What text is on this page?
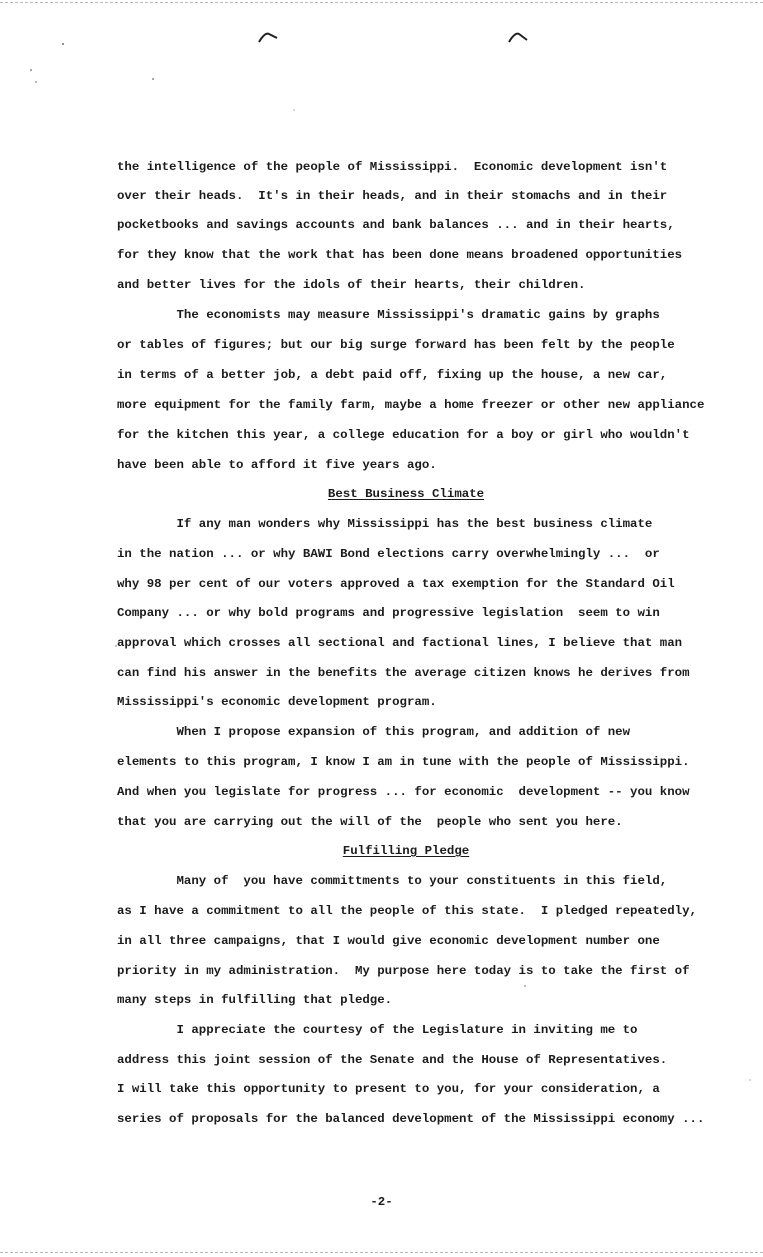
the intelligence of the people of Mississippi.  Economic development isn't
over their heads.  It's in their heads, and in their stomachs and in their
pocketbooks and savings accounts and bank balances ... and in their hearts,
for they know that the work that has been done means broadened opportunities
and better lives for the idols of their hearts, their children.
The economists may measure Mississippi's dramatic gains by graphs
or tables of figures; but our big surge forward has been felt by the people
in terms of a better job, a debt paid off, fixing up the house, a new car,
more equipment for the family farm, maybe a home freezer or other new appliance
for the kitchen this year, a college education for a boy or girl who wouldn't
have been able to afford it five years ago.
Best Business Climate
If any man wonders why Mississippi has the best business climate
in the nation ... or why BAWI Bond elections carry overwhelmingly ...  or
why 98 per cent of our voters approved a tax exemption for the Standard Oil
Company ... or why bold programs and progressive legislation  seem to win
approval which crosses all sectional and factional lines, I believe that man
can find his answer in the benefits the average citizen knows he derives from
Mississippi's economic development program.
When I propose expansion of this program, and addition of new
elements to this program, I know I am in tune with the people of Mississippi.
And when you legislate for progress ... for economic  development -- you know
that you are carrying out the will of the  people who sent you here.
Fulfilling Pledge
Many of  you have committments to your constituents in this field,
as I have a commitment to all the people of this state.  I pledged repeatedly,
in all three campaigns, that I would give economic development number one
priority in my administration.  My purpose here today is to take the first of
many steps in fulfilling that pledge.
I appreciate the courtesy of the Legislature in inviting me to
address this joint session of the Senate and the House of Representatives.
I will take this opportunity to present to you, for your consideration, a
series of proposals for the balanced development of the Mississippi economy ...
-2-
